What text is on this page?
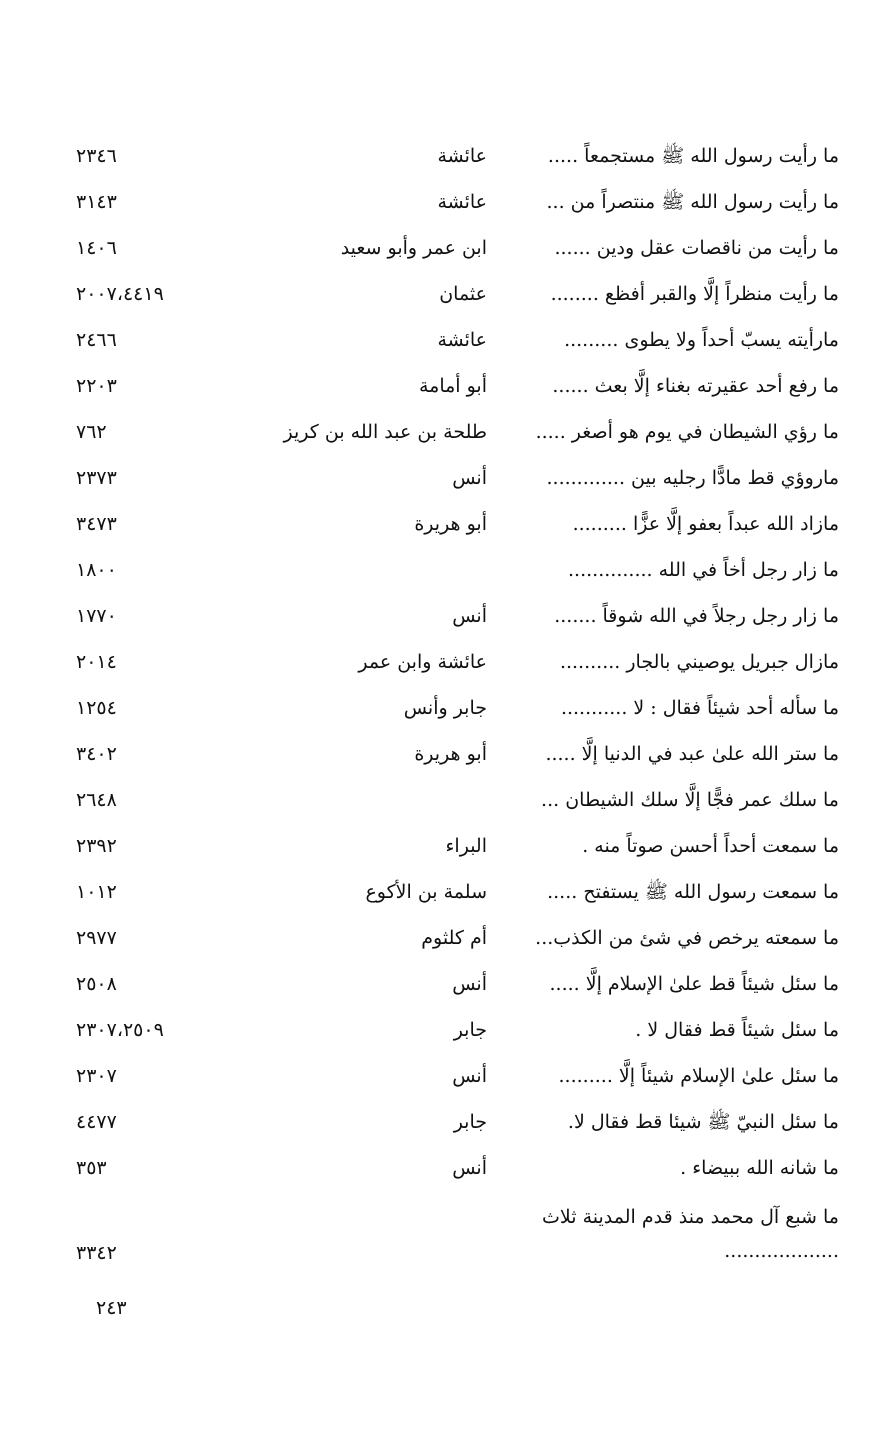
ما رأيت رسول الله ﷺ مستجمعاً .....
عائشة
٢٣٤٦
ما رأيت رسول الله ﷺ منتصراً من ...
عائشة
٣١٤٣
ما رأيت من ناقصات عقل ودين ......
ابن عمر وأبو سعيد
١٤٠٦
ما رأيت منظراً إلَّا والقبر أفظع ........
عثمان
٢٠٠٧،٤٤١٩
مارأيته يسبّ أحداً ولا يطوى .........
عائشة
٢٤٦٦
ما رفع أحد عقيرته بغناء إلَّا بعث ......
أبو أمامة
٢٢٠٣
ما رؤي الشيطان في يوم هو أصغر .....
طلحة بن عبد الله بن كريز
٧٦٢
ماروؤي قط مادًّا رجليه بين .............
أنس
٢٣٧٣
مازاد الله عبداً بعفو إلَّا عزًّا .........
أبو هريرة
٣٤٧٣
ما زار رجل أخاً في الله ..............
١٨٠٠
ما زار رجل رجلاً في الله شوقاً .......
أنس
١٧٧٠
مازال جبريل يوصيني بالجار ..........
عائشة وابن عمر
٢٠١٤
ما سأله أحد شيئاً فقال : لا ...........
جابر وأنس
١٢٥٤
ما ستر الله علىٰ عبد في الدنيا إلَّا .....
أبو هريرة
٣٤٠٢
ما سلك عمر فجًّا إلَّا سلك الشيطان ...
٢٦٤٨
ما سمعت أحداً أحسن صوتاً منه .
البراء
٢٣٩٢
ما سمعت رسول الله ﷺ يستفتح .....
سلمة بن الأكوع
١٠١٢
ما سمعته يرخص في شئ من الكذب...
أم كلثوم
٢٩٧٧
ما سئل شيئاً قط علىٰ الإسلام إلَّا .....
أنس
٢٥٠٨
ما سئل شيئاً قط فقال لا .
جابر
٢٣٠٧،٢٥٠٩
ما سئل علىٰ الإسلام شيئاً إلَّا .........
أنس
٢٣٠٧
ما سئل النبيّ ﷺ شيئا قط فقال لا.
جابر
٤٤٧٧
ما شانه الله ببيضاء .
أنس
٣٥٣
ما شبع آل محمد منذ قدم المدينة ثلاث ...................
٣٣٤٢
٢٤٣
